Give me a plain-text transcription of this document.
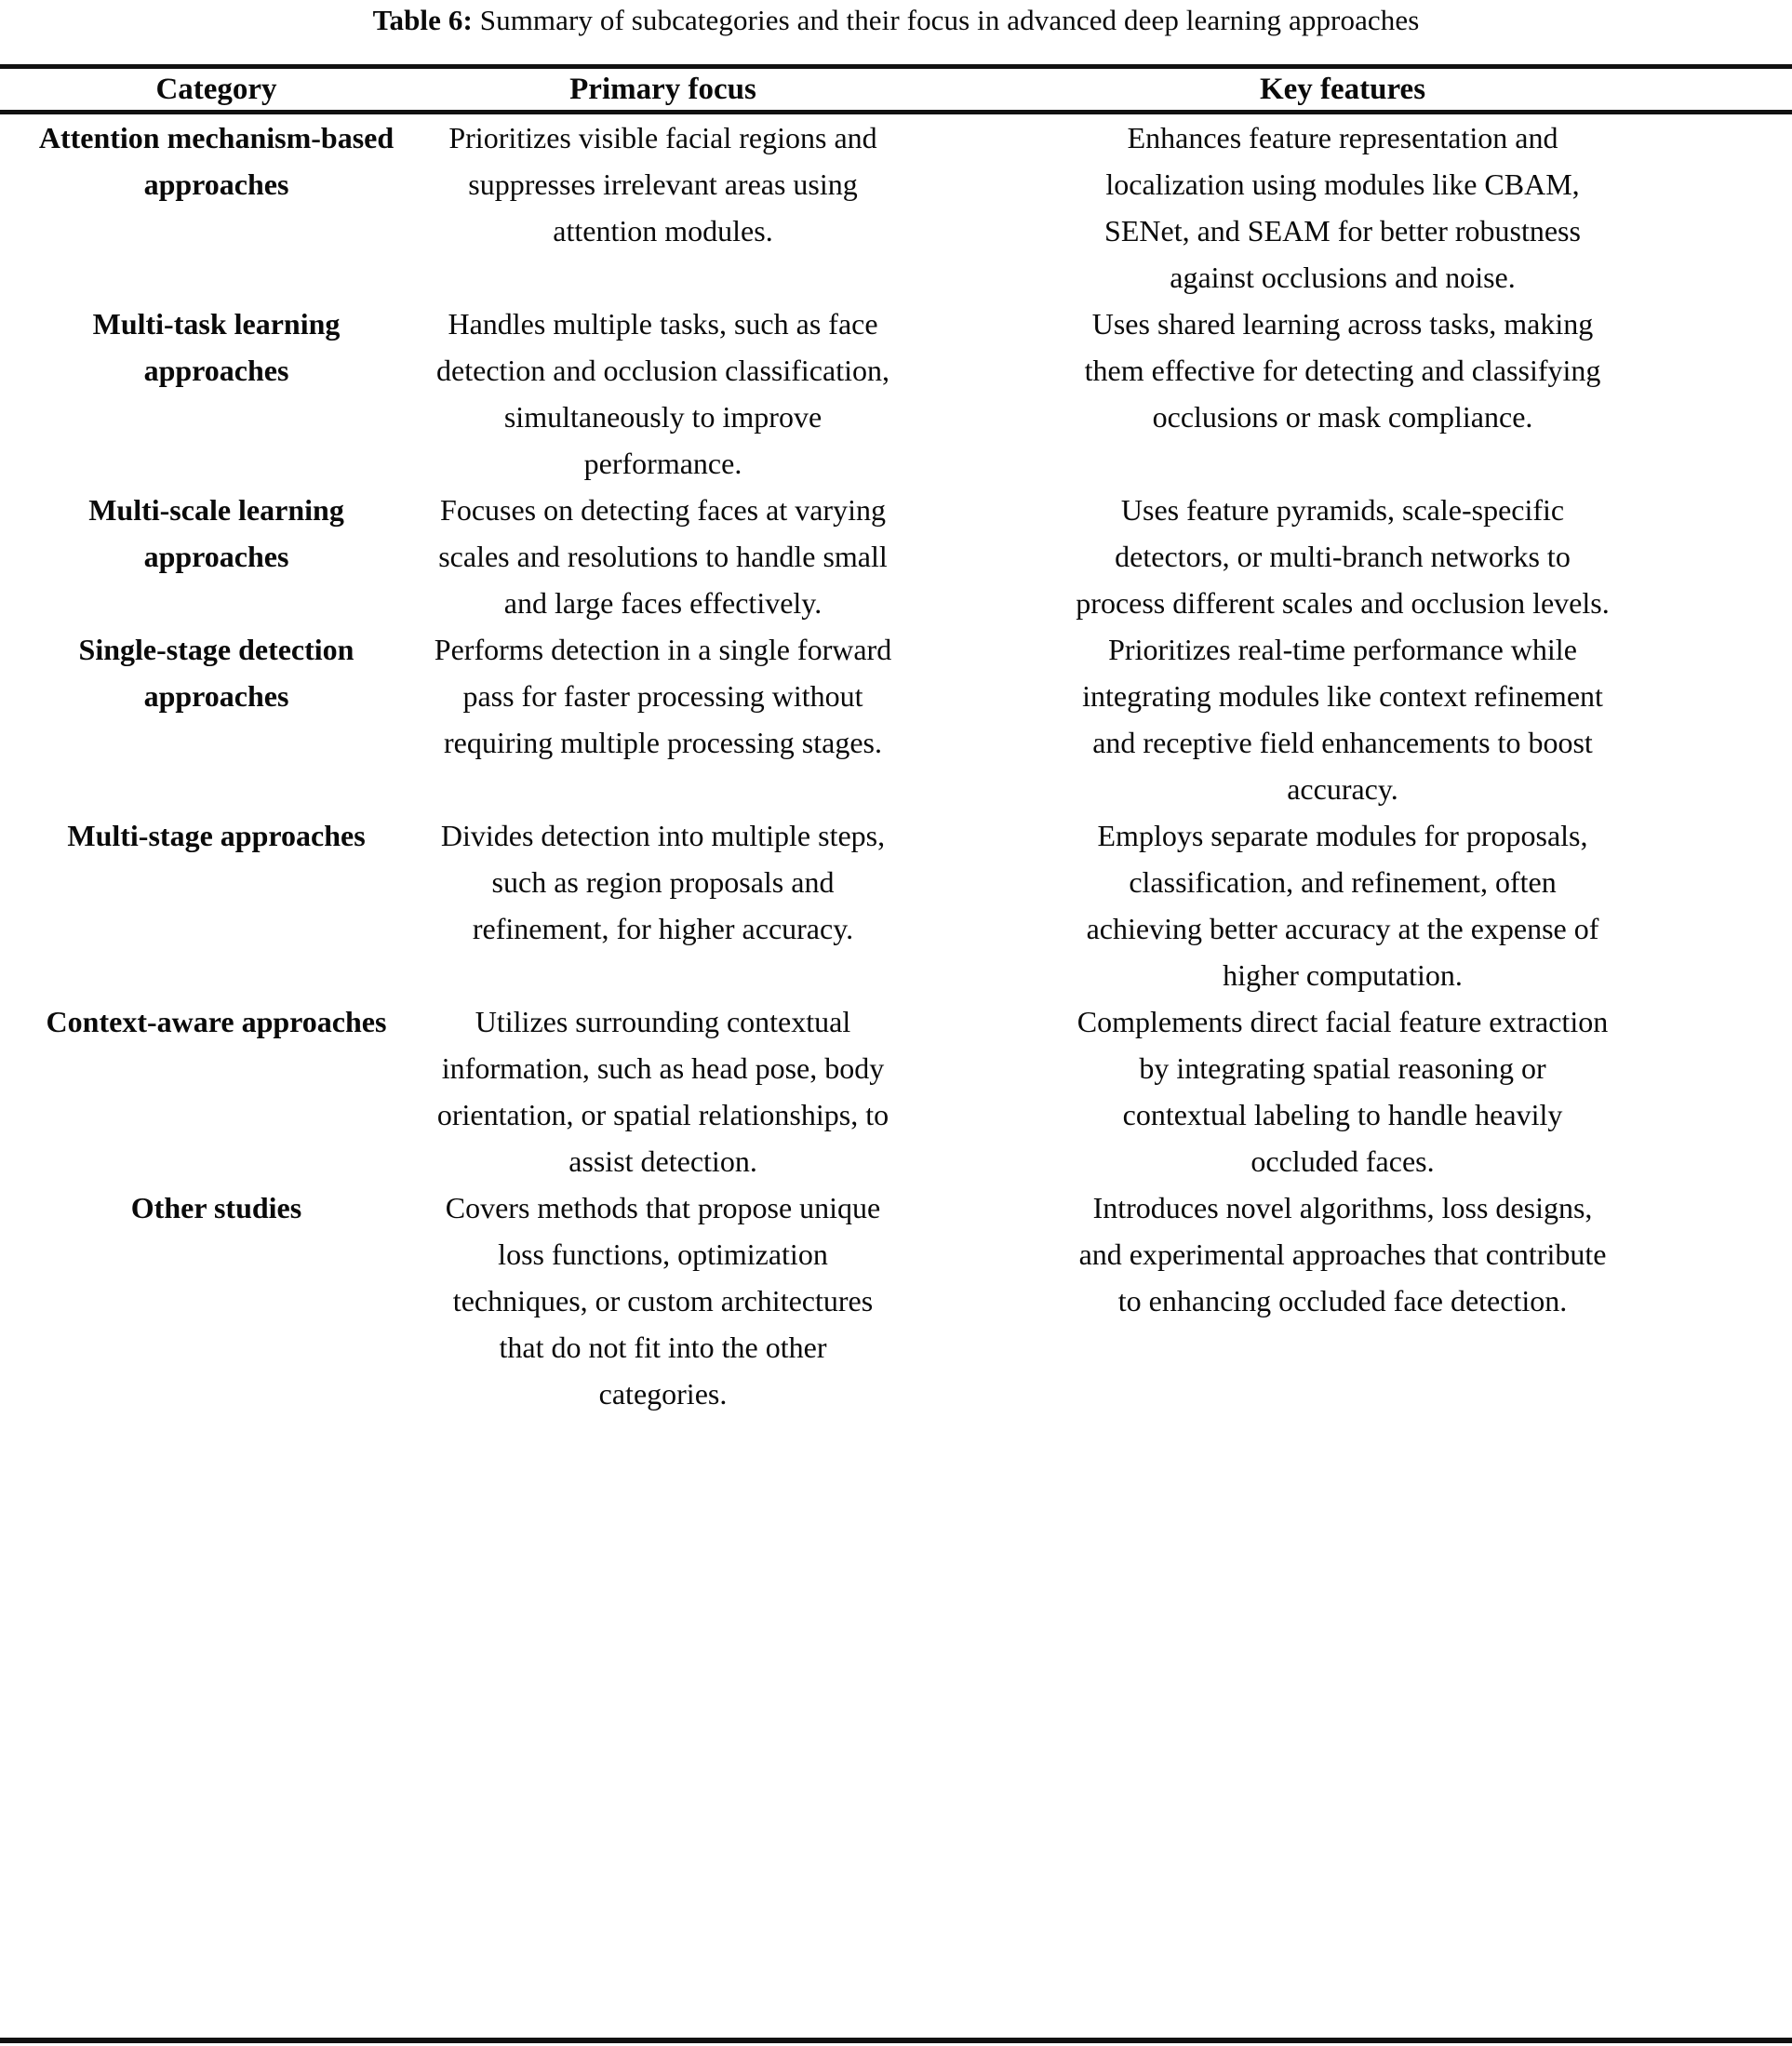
Table 6: Summary of subcategories and their focus in advanced deep learning approaches
Category	Primary focus	Key features
Attention mechanism-based approaches	Prioritizes visible facial regions and suppresses irrelevant areas using attention modules.	Enhances feature representation and localization using modules like CBAM, SENet, and SEAM for better robustness against occlusions and noise.

Multi-task learning approaches	Handles multiple tasks, such as face detection and occlusion classification, simultaneously to improve performance.	Uses shared learning across tasks, making them effective for detecting and classifying occlusions or mask compliance.

Multi-scale learning approaches	Focuses on detecting faces at varying scales and resolutions to handle small and large faces effectively.	Uses feature pyramids, scale-specific detectors, or multi-branch networks to process different scales and occlusion levels.

Single-stage detection approaches	Performs detection in a single forward pass for faster processing without requiring multiple processing stages.	Prioritizes real-time performance while integrating modules like context refinement and receptive field enhancements to boost accuracy.

Multi-stage approaches	Divides detection into multiple steps, such as region proposals and refinement, for higher accuracy.	Employs separate modules for proposals, classification, and refinement, often achieving better accuracy at the expense of higher computation.

Context-aware approaches	Utilizes surrounding contextual information, such as head pose, body orientation, or spatial relationships, to assist detection.	Complements direct facial feature extraction by integrating spatial reasoning or contextual labeling to handle heavily occluded faces.

Other studies	Covers methods that propose unique loss functions, optimization techniques, or custom architectures that do not fit into the other categories.	Introduces novel algorithms, loss designs, and experimental approaches that contribute to enhancing occluded face detection.
